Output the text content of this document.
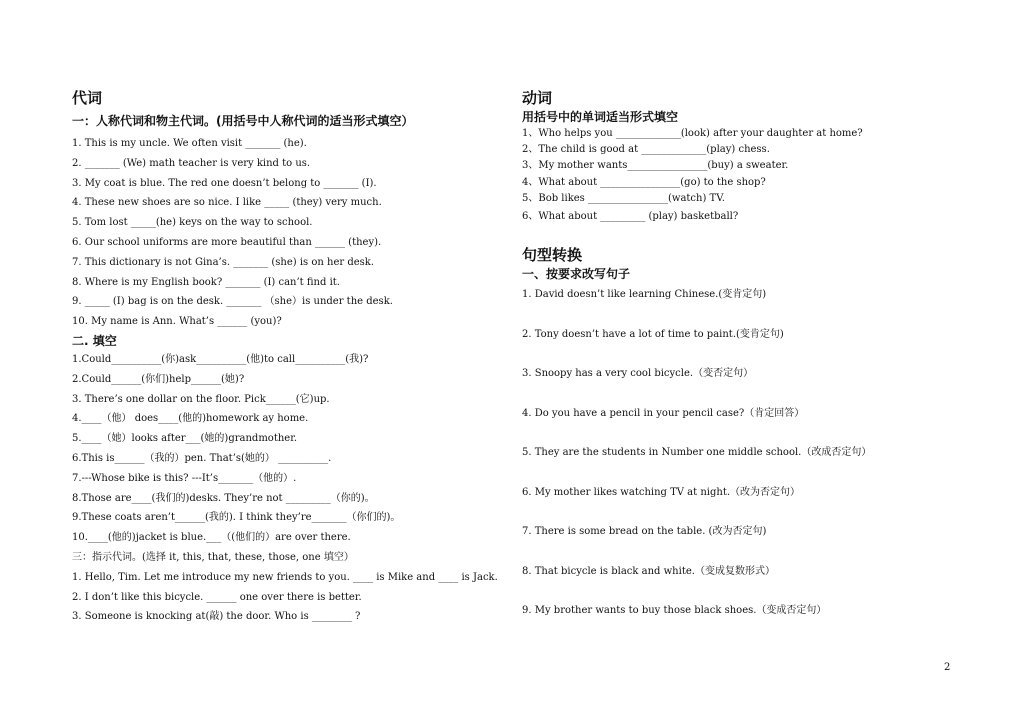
代词
一：人称代词和物主代词。(用括号中人称代词的适当形式填空）
1. This is my uncle. We often visit _______ (he).
2. _______ (We) math teacher is very kind to us.
3. My coat is blue. The red one doesn’t belong to _______ (I).
4. These new shoes are so nice. I like _____ (they) very much.
5. Tom lost _____(he) keys on the way to school.
6. Our school uniforms are more beautiful than ______ (they).
7. This dictionary is not Gina’s. _______ (she) is on her desk.
8. Where is my English book? _______ (I) can’t find it.
9. _____ (I) bag is on the desk. _______ （she）is under the desk.
10. My name is Ann. What’s ______ (you)?
二. 填空
1.Could__________(你)ask__________(他)to call__________(我)?
2.Could______(你们)help______(她)?
3. There’s one dollar on the floor. Pick______(它)up.
4.____（他） does____(他的)homework ay home.
5.____（她）looks after___(她的)grandmother.
6.This is______（我的）pen. That’s(她的） __________.
7.---Whose bike is this? ---It’s_______（他的）.
8.Those are____(我们的)desks. They’re not _________（你的)。
9.These coats aren’t______(我的). I think they’re_______（你们的)。
10.____(他的)jacket is blue.___（(他们的）are over there.
三：指示代词。(选择 it, this, that, these, those, one 填空）
1. Hello, Tim. Let me introduce my new friends to you. ____ is Mike and ____ is Jack.
2. I don’t like this bicycle. ______ one over there is better.
3. Someone is knocking at(敲) the door. Who is ________ ?
动词
用括号中的单词适当形式填空
1、Who helps you _____________(look) after your daughter at home?
2、The child is good at _____________(play) chess.
3、My mother wants________________(buy) a sweater.
4、What about ________________(go) to the shop?
5、Bob likes ________________(watch) TV.
6、What about _________ (play) basketball?
句型转换
一、按要求改写句子
1. David doesn’t like learning Chinese.(变肯定句)
2. Tony doesn’t have a lot of time to paint.(变肯定句)
3. Snoopy has a very cool bicycle.（变否定句）
4. Do you have a pencil in your pencil case?（肯定回答）
5. They are the students in Number one middle school.（改成否定句）
6. My mother likes watching TV at night.（改为否定句）
7. There is some bread on the table. (改为否定句)
8. That bicycle is black and white.（变成复数形式）
9. My brother wants to buy those black shoes.（变成否定句）
2
